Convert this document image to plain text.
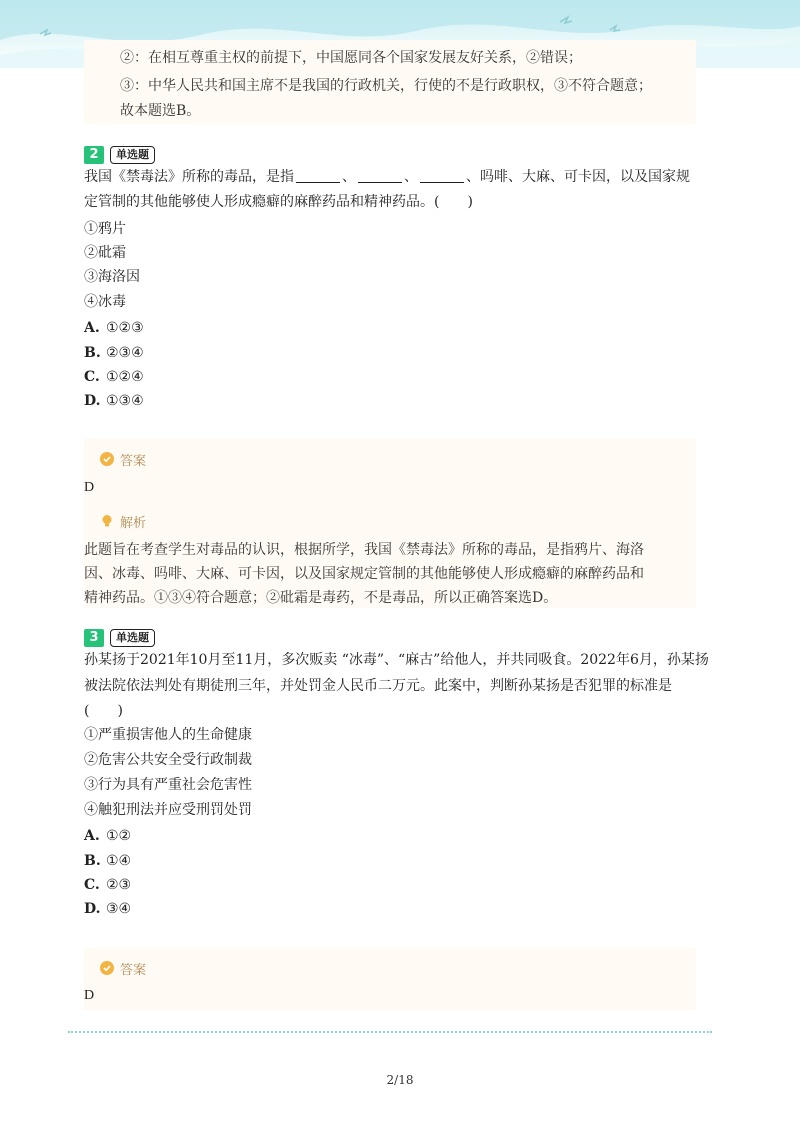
②：在相互尊重主权的前提下，中国愿同各个国家发展友好关系，②错误；
③：中华人民共和国主席不是我国的行政机关，行使的不是行政职权，③不符合题意；
故本题选B。
2	单选题
我国《禁毒法》所称的毒品，是指	、	、	、吗啡、大麻、可卡因，以及国家规
定管制的其他能够使人形成瘾癖的麻醉药品和精神药品。(　　)
①鸦片
②砒霜
③海洛因
④冰毒
A. ①②③
B. ②③④
C. ①②④
D. ①③④
答案
D
解析
此题旨在考查学生对毒品的认识，根据所学，我国《禁毒法》所称的毒品，是指鸦片、海洛
因、冰毒、吗啡、大麻、可卡因，以及国家规定管制的其他能够使人形成瘾癖的麻醉药品和
精神药品。①③④符合题意；②砒霜是毒药，不是毒品，所以正确答案选D。
3	单选题
孙某扬于2021年10月至11月，多次贩卖 “冰毒”、“麻古”给他人，并共同吸食。2022年6月，孙某扬
被法院依法判处有期徒刑三年，并处罚金人民币二万元。此案中，判断孙某扬是否犯罪的标准是
(　　)
①严重损害他人的生命健康
②危害公共安全受行政制裁
③行为具有严重社会危害性
④触犯刑法并应受刑罚处罚
A. ①②
B. ①④
C. ②③
D. ③④
答案
D
2/18
